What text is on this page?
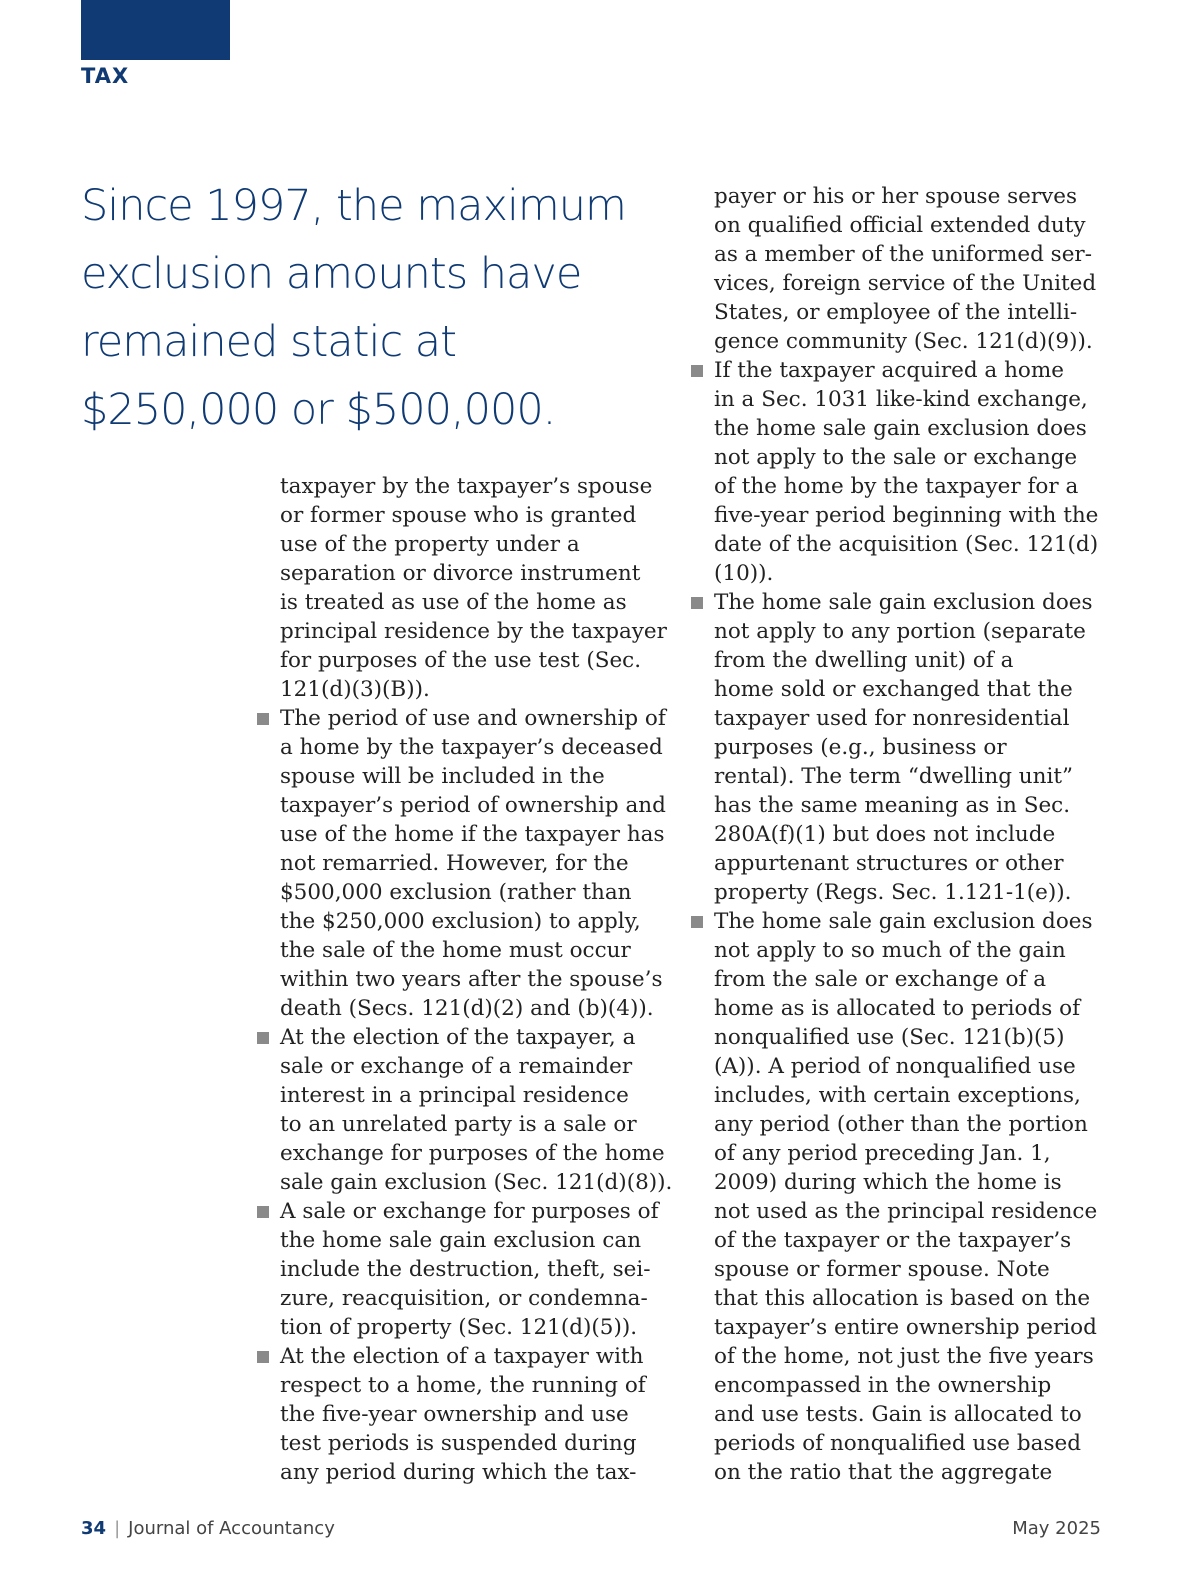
TAX
Since 1997, the maximum exclusion amounts have remained static at $250,000 or $500,000.

taxpayer by the taxpayer’s spouse
or former spouse who is granted
use of the property under a
separation or divorce instrument
is treated as use of the home as
principal residence by the taxpayer
for purposes of the use test (Sec.
121(d)(3)(B)).

The period of use and ownership of
a home by the taxpayer’s deceased
spouse will be included in the
taxpayer’s period of ownership and
use of the home if the taxpayer has
not remarried. However, for the
$500,000 exclusion (rather than
the $250,000 exclusion) to apply,
the sale of the home must occur
within two years after the spouse’s
death (Secs. 121(d)(2) and (b)(4)).

At the election of the taxpayer, a
sale or exchange of a remainder
interest in a principal residence
to an unrelated party is a sale or
exchange for purposes of the home
sale gain exclusion (Sec. 121(d)(8)).

A sale or exchange for purposes of
the home sale gain exclusion can
include the destruction, theft, sei-
zure, reacquisition, or condemna-
tion of property (Sec. 121(d)(5)).

At the election of a taxpayer with
respect to a home, the running of
the five-year ownership and use
test periods is suspended during
any period during which the tax-

payer or his or her spouse serves
on qualified official extended duty
as a member of the uniformed ser-
vices, foreign service of the United
States, or employee of the intelli-
gence community (Sec. 121(d)(9)).

If the taxpayer acquired a home
in a Sec. 1031 like-kind exchange,
the home sale gain exclusion does
not apply to the sale or exchange
of the home by the taxpayer for a
five-year period beginning with the
date of the acquisition (Sec. 121(d)
(10)).

The home sale gain exclusion does
not apply to any portion (separate
from the dwelling unit) of a
home sold or exchanged that the
taxpayer used for nonresidential
purposes (e.g., business or
rental). The term “dwelling unit”
has the same meaning as in Sec.
280A(f)(1) but does not include
appurtenant structures or other
property (Regs. Sec. 1.121-1(e)).

The home sale gain exclusion does
not apply to so much of the gain
from the sale or exchange of a
home as is allocated to periods of
nonqualified use (Sec. 121(b)(5)
(A)). A period of nonqualified use
includes, with certain exceptions,
any period (other than the portion
of any period preceding Jan. 1,
2009) during which the home is
not used as the principal residence
of the taxpayer or the taxpayer’s
spouse or former spouse. Note
that this allocation is based on the
taxpayer’s entire ownership period
of the home, not just the five years
encompassed in the ownership
and use tests. Gain is allocated to
periods of nonqualified use based
on the ratio that the aggregate

34 | Journal of Accountancy	May 2025
